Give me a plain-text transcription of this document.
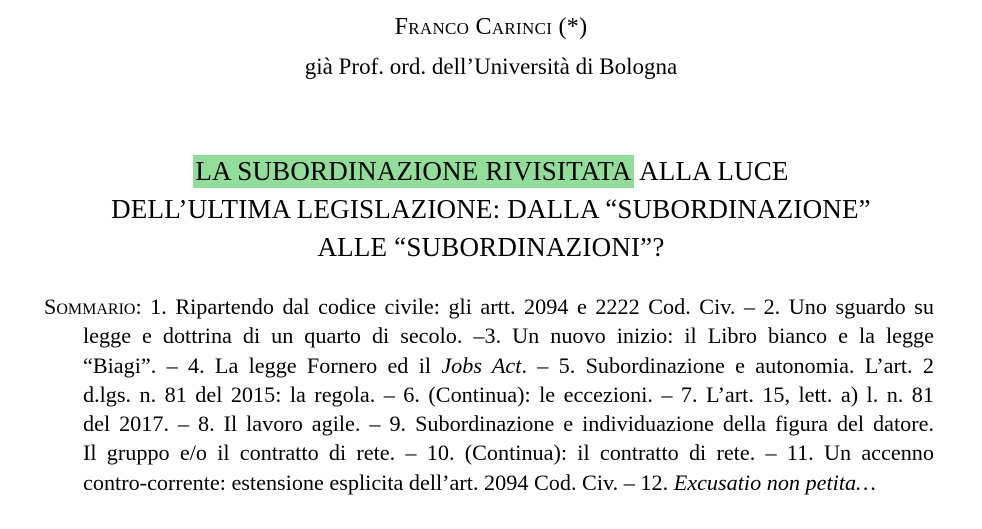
Franco Carinci (*)
già Prof. ord. dell’Università di Bologna
LA SUBORDINAZIONE RIVISITATA ALLA LUCE
DELL’ULTIMA LEGISLAZIONE: DALLA “SUBORDINAZIONE”
ALLE “SUBORDINAZIONI”?
Sommario: 1. Ripartendo dal codice civile: gli artt. 2094 e 2222 Cod. Civ. – 2. Uno sguardo su
legge e dottrina di un quarto di secolo. –3. Un nuovo inizio: il Libro bianco e la legge
“Biagi”. – 4. La legge Fornero ed il Jobs Act. – 5. Subordinazione e autonomia. L’art. 2
d.lgs. n. 81 del 2015: la regola. – 6. (Continua): le eccezioni. – 7. L’art. 15, lett. a) l. n. 81
del 2017. – 8. Il lavoro agile. – 9. Subordinazione e individuazione della figura del datore.
Il gruppo e/o il contratto di rete. – 10. (Continua): il contratto di rete. – 11. Un accenno
contro-corrente: estensione esplicita dell’art. 2094 Cod. Civ. – 12. Excusatio non petita…
